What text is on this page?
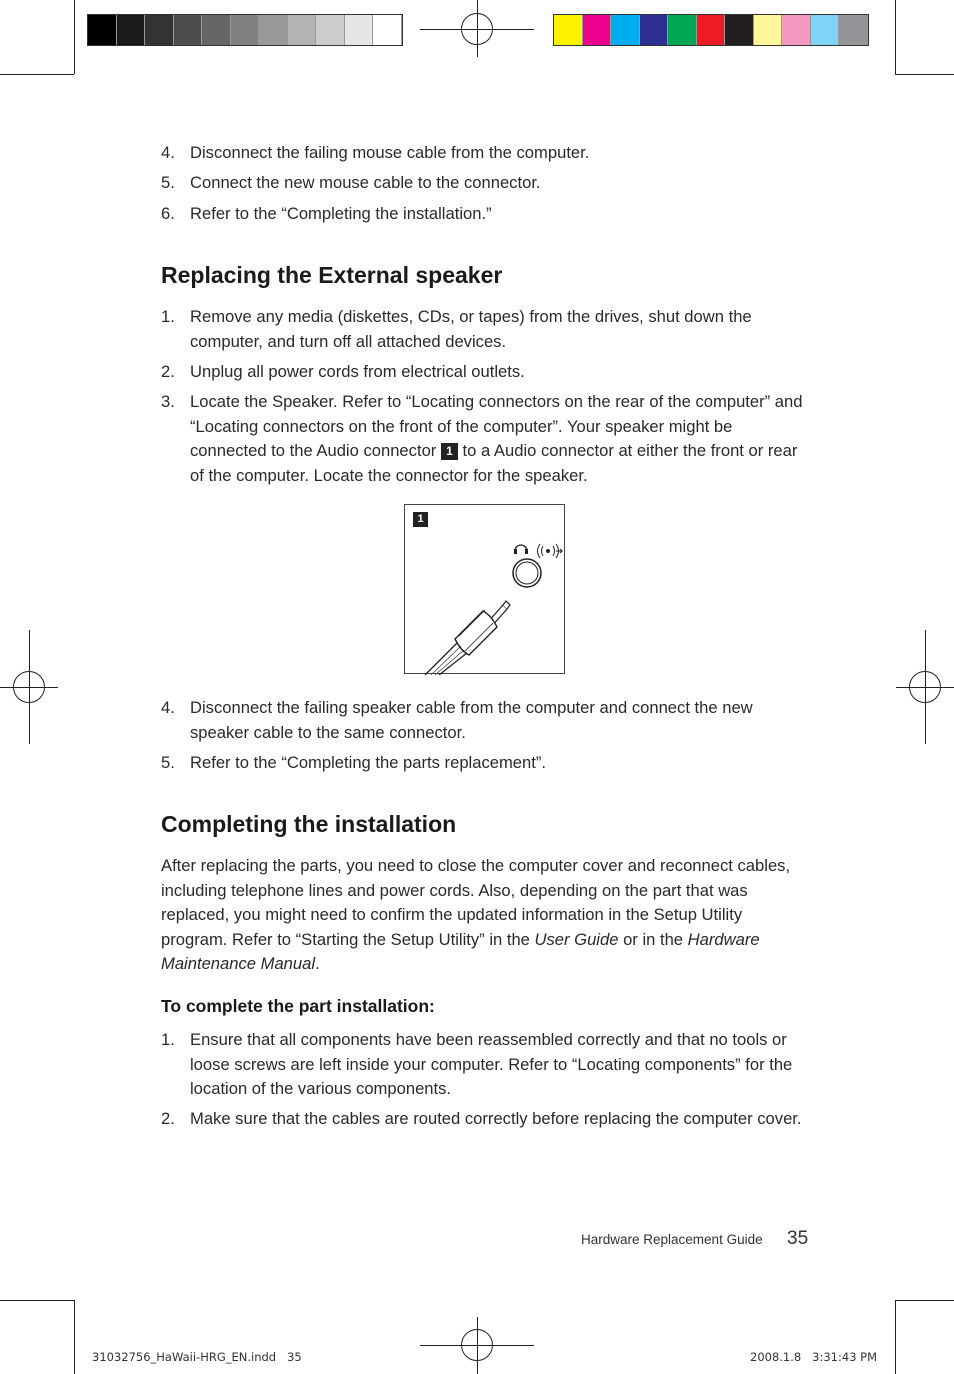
4. Disconnect the failing mouse cable from the computer.
5. Connect the new mouse cable to the connector.
6. Refer to the “Completing the installation.”
Replacing the External speaker
1. Remove any media (diskettes, CDs, or tapes) from the drives, shut down the computer, and turn off all attached devices.
2. Unplug all power cords from electrical outlets.
3. Locate the Speaker. Refer to “Locating connectors on the rear of the computer” and “Locating connectors on the front of the computer”. Your speaker might be connected to the Audio connector 1 to a Audio connector at either the front or rear of the computer. Locate the connector for the speaker.
1
4. Disconnect the failing speaker cable from the computer and connect the new speaker cable to the same connector.
5. Refer to the “Completing the parts replacement”.
Completing the installation
After replacing the parts, you need to close the computer cover and reconnect cables, including telephone lines and power cords. Also, depending on the part that was replaced, you might need to confirm the updated information in the Setup Utility program. Refer to “Starting the Setup Utility” in the User Guide or in the Hardware Maintenance Manual.
To complete the part installation:
1. Ensure that all components have been reassembled correctly and that no tools or loose screws are left inside your computer. Refer to “Locating components” for the location of the various components.
2. Make sure that the cables are routed correctly before replacing the computer cover.
Hardware Replacement Guide 35
31032756_HaWaii-HRG_EN.indd   35	2008.1.8   3:31:43 PM
